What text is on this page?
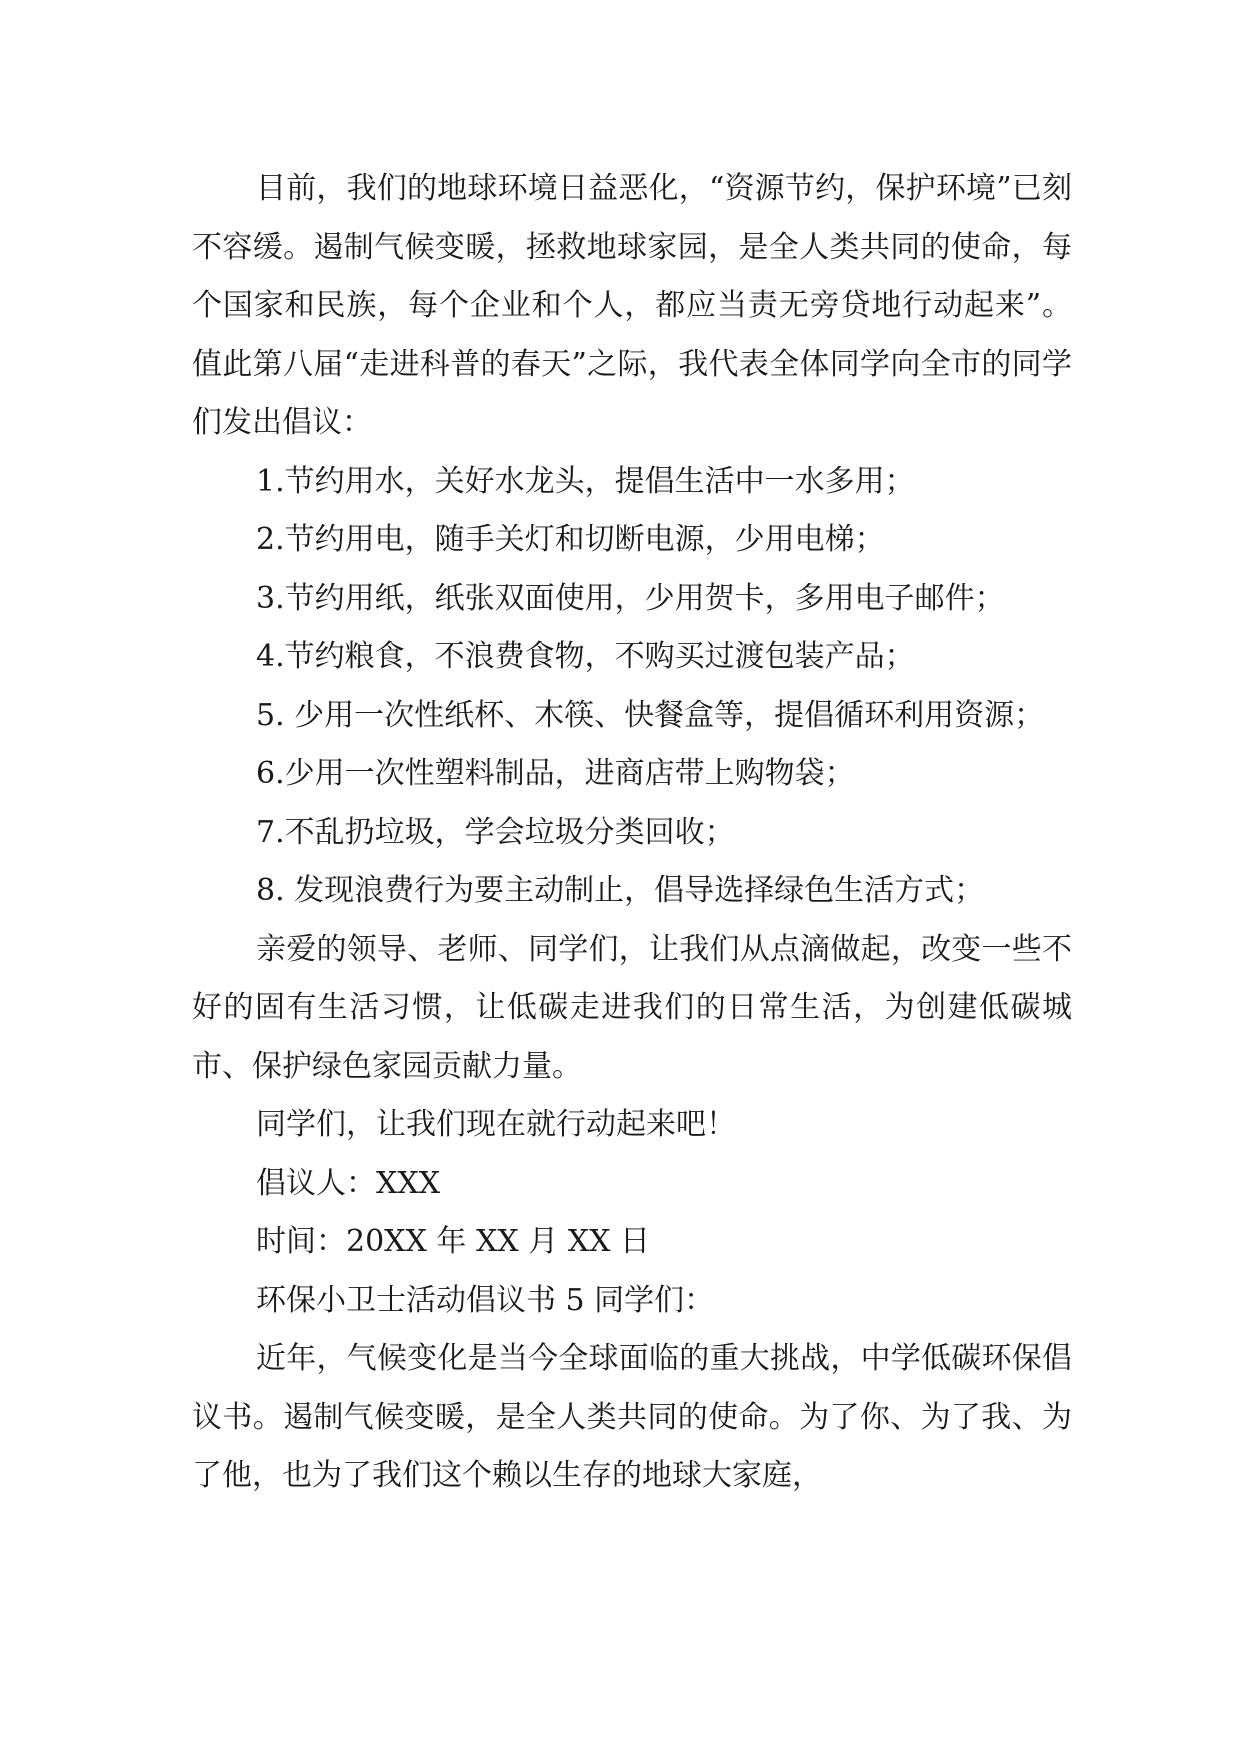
目前，我们的地球环境日益恶化，“资源节约，保护环境”已刻不容缓。遏制气候变暖，拯救地球家园，是全人类共同的使命，每个国家和民族，每个企业和个人，都应当责无旁贷地行动起来”。值此第八届“走进科普的春天”之际，我代表全体同学向全市的同学们发出倡议：

1.节约用水，关好水龙头，提倡生活中一水多用；

2.节约用电，随手关灯和切断电源，少用电梯；

3.节约用纸，纸张双面使用，少用贺卡，多用电子邮件；

4.节约粮食，不浪费食物，不购买过渡包装产品；

5. 少用一次性纸杯、木筷、快餐盒等，提倡循环利用资源；

6.少用一次性塑料制品，进商店带上购物袋；

7.不乱扔垃圾，学会垃圾分类回收；

8. 发现浪费行为要主动制止，倡导选择绿色生活方式；

亲爱的领导、老师、同学们，让我们从点滴做起，改变一些不好的固有生活习惯，让低碳走进我们的日常生活，为创建低碳城市、保护绿色家园贡献力量。

同学们，让我们现在就行动起来吧！

倡议人：XXX

时间：20XX 年 XX 月 XX 日

环保小卫士活动倡议书 5 同学们：

近年，气候变化是当今全球面临的重大挑战，中学低碳环保倡议书。遏制气候变暖，是全人类共同的使命。为了你、为了我、为了他，也为了我们这个赖以生存的地球大家庭，
